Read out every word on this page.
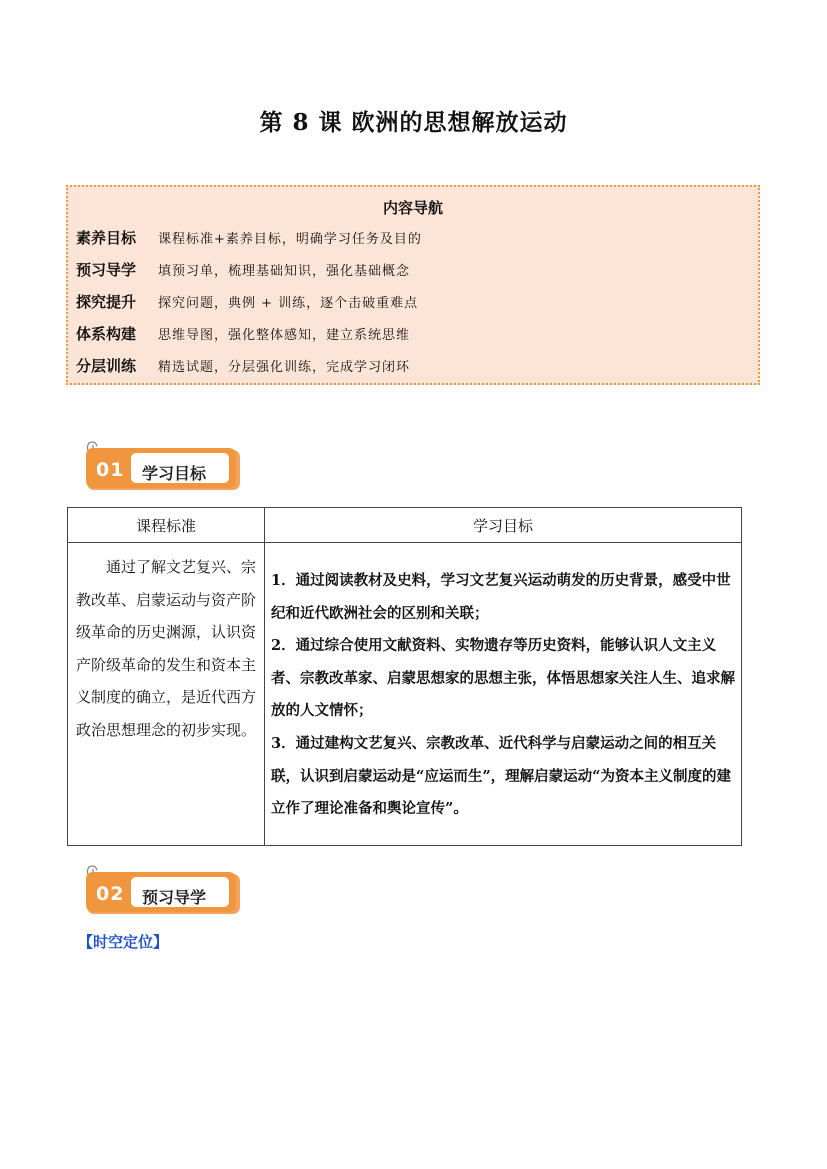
第 8 课 欧洲的思想解放运动
内容导航
素养目标	课程标准+素养目标，明确学习任务及目的
预习导学	填预习单，梳理基础知识，强化基础概念
探究提升	探究问题，典例 + 训练，逐个击破重难点
体系构建	思维导图，强化整体感知，建立系统思维
分层训练	精选试题，分层强化训练，完成学习闭环
01 学习目标
课程标准	学习目标
通过了解文艺复兴、宗教改革、启蒙运动与资产阶级革命的历史渊源，认识资产阶级革命的发生和资本主义制度的确立，是近代西方政治思想理念的初步实现。	1．通过阅读教材及史料，学习文艺复兴运动萌发的历史背景，感受中世纪和近代欧洲社会的区别和关联；
2．通过综合使用文献资料、实物遗存等历史资料，能够认识人文主义者、宗教改革家、启蒙思想家的思想主张，体悟思想家关注人生、追求解放的人文情怀；
3．通过建构文艺复兴、宗教改革、近代科学与启蒙运动之间的相互关联，认识到启蒙运动是“应运而生”，理解启蒙运动“为资本主义制度的建立作了理论准备和舆论宣传”。
02 预习导学
【时空定位】
